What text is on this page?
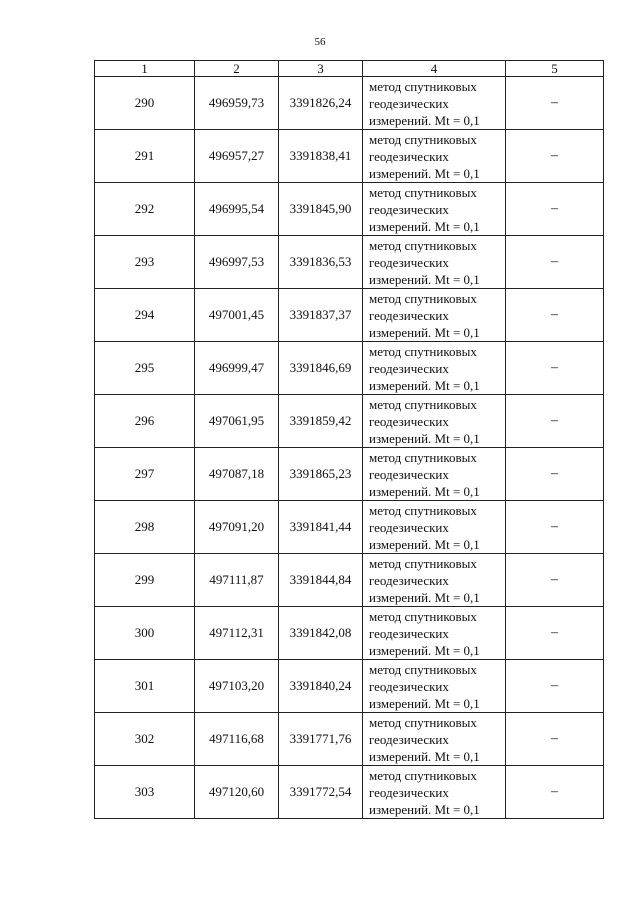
56
1	2	3	4	5
290	496959,73	3391826,24	метод спутниковых геодезических измерений. Mt = 0,1	–
291	496957,27	3391838,41	метод спутниковых геодезических измерений. Mt = 0,1	–
292	496995,54	3391845,90	метод спутниковых геодезических измерений. Mt = 0,1	–
293	496997,53	3391836,53	метод спутниковых геодезических измерений. Mt = 0,1	–
294	497001,45	3391837,37	метод спутниковых геодезических измерений. Mt = 0,1	–
295	496999,47	3391846,69	метод спутниковых геодезических измерений. Mt = 0,1	–
296	497061,95	3391859,42	метод спутниковых геодезических измерений. Mt = 0,1	–
297	497087,18	3391865,23	метод спутниковых геодезических измерений. Mt = 0,1	–
298	497091,20	3391841,44	метод спутниковых геодезических измерений. Mt = 0,1	–
299	497111,87	3391844,84	метод спутниковых геодезических измерений. Mt = 0,1	–
300	497112,31	3391842,08	метод спутниковых геодезических измерений. Mt = 0,1	–
301	497103,20	3391840,24	метод спутниковых геодезических измерений. Mt = 0,1	–
302	497116,68	3391771,76	метод спутниковых геодезических измерений. Mt = 0,1	–
303	497120,60	3391772,54	метод спутниковых геодезических измерений. Mt = 0,1	–
